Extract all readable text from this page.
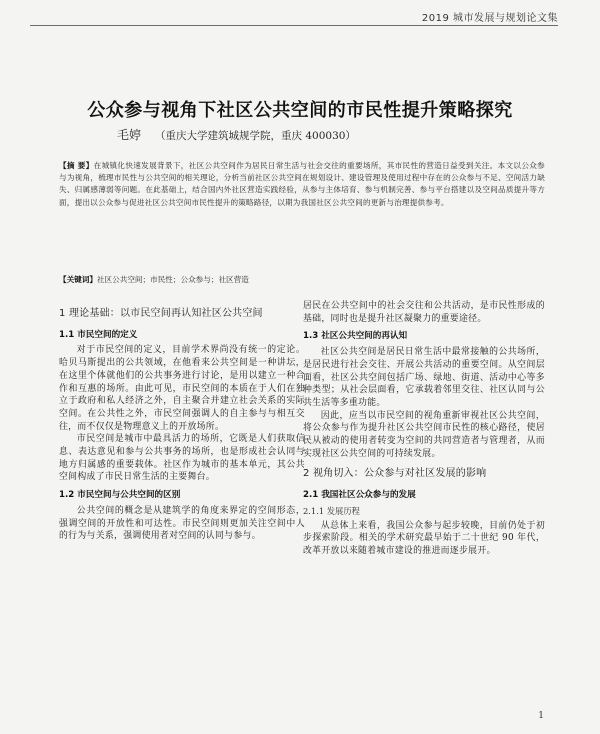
2019 城市发展与规划论文集
公众参与视角下社区公共空间的市民性提升策略探究
毛婷 （重庆大学建筑城规学院，重庆 400030）
【摘 要】在城镇化快速发展背景下，社区公共空间作为居民日常生活与社会交往的重要场所，其市民性的营造日益受到关注。本文以公众参与为视角，梳理市民性与公共空间的相关理论，分析当前社区公共空间在规划设计、建设管理及使用过程中存在的公众参与不足、空间活力缺失、归属感薄弱等问题。在此基础上，结合国内外社区营造实践经验，从参与主体培育、参与机制完善、参与平台搭建以及空间品质提升等方面，提出以公众参与促进社区公共空间市民性提升的策略路径，以期为我国社区公共空间的更新与治理提供参考。
【关键词】社区公共空间；市民性；公众参与；社区营造
1 理论基础：以市民空间再认知社区公共空间
1.1 市民空间的定义

对于市民空间的定义，目前学术界尚没有统一的定论。哈贝马斯提出的公共领域，在他看来公共空间是一种讲坛，在这里个体就他们的公共事务进行讨论，是用以建立一种合作和互惠的场所。由此可见，市民空间的本质在于人们在独立于政府和私人经济之外，自主聚合并建立社会关系的实际空间。在公共性之外，市民空间强调人的自主参与与相互交往，而不仅仅是物理意义上的开放场所。

市民空间是城市中最具活力的场所，它既是人们获取信息、表达意见和参与公共事务的场所，也是形成社会认同与地方归属感的重要载体。社区作为城市的基本单元，其公共空间构成了市民日常生活的主要舞台。

1.2 市民空间与公共空间的区别

公共空间的概念是从建筑学的角度来界定的空间形态，强调空间的开放性和可达性。市民空间则更加关注空间中人的行为与关系，强调使用者对空间的认同与参与。

居民在公共空间中的社会交往和公共活动，是市民性形成的基础，同时也是提升社区凝聚力的重要途径。

1.3 社区公共空间的再认知

社区公共空间是居民日常生活中最常接触的公共场所，是居民进行社会交往、开展公共活动的重要空间。从空间层面看，社区公共空间包括广场、绿地、街道、活动中心等多种类型；从社会层面看，它承载着邻里交往、社区认同与公共生活等多重功能。

因此，应当以市民空间的视角重新审视社区公共空间，将公众参与作为提升社区公共空间市民性的核心路径，使居民从被动的使用者转变为空间的共同营造者与管理者，从而实现社区公共空间的可持续发展。

2 视角切入：公众参与对社区发展的影响
2.1 我国社区公众参与的发展
2.1.1 发展历程

从总体上来看，我国公众参与起步较晚，目前仍处于初步探索阶段。相关的学术研究最早始于二十世纪 90 年代，改革开放以来随着城市建设的推进而逐步展开。

1
